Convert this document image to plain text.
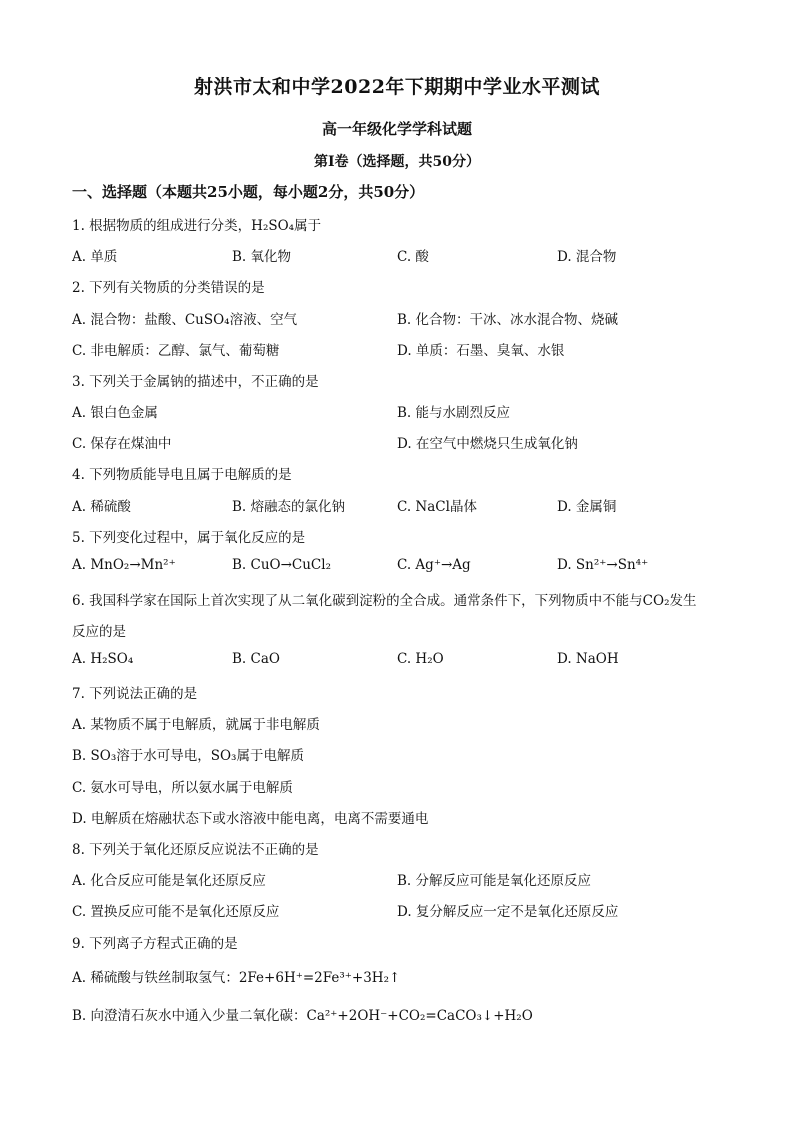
射洪市太和中学2022年下期期中学业水平测试
高一年级化学学科试题
第Ⅰ卷（选择题，共50分）
一、选择题（本题共25小题，每小题2分，共50分）
1. 根据物质的组成进行分类，H₂SO₄属于
A. 单质	B. 氧化物	C. 酸	D. 混合物
2. 下列有关物质的分类错误的是
A. 混合物：盐酸、CuSO₄溶液、空气	B. 化合物：干冰、冰水混合物、烧碱
C. 非电解质：乙醇、氯气、葡萄糖	D. 单质：石墨、臭氧、水银
3. 下列关于金属钠的描述中，不正确的是
A. 银白色金属	B. 能与水剧烈反应
C. 保存在煤油中	D. 在空气中燃烧只生成氧化钠
4. 下列物质能导电且属于电解质的是
A. 稀硫酸	B. 熔融态的氯化钠	C. NaCl晶体	D. 金属铜
5. 下列变化过程中，属于氧化反应的是
A. MnO₂→Mn²⁺	B. CuO→CuCl₂	C. Ag⁺→Ag	D. Sn²⁺→Sn⁴⁺
6. 我国科学家在国际上首次实现了从二氧化碳到淀粉的全合成。通常条件下，下列物质中不能与CO₂发生
反应的是
A. H₂SO₄	B. CaO	C. H₂O	D. NaOH
7. 下列说法正确的是
A. 某物质不属于电解质，就属于非电解质
B. SO₃溶于水可导电，SO₃属于电解质
C. 氨水可导电，所以氨水属于电解质
D. 电解质在熔融状态下或水溶液中能电离，电离不需要通电
8. 下列关于氧化还原反应说法不正确的是
A. 化合反应可能是氧化还原反应	B. 分解反应可能是氧化还原反应
C. 置换反应可能不是氧化还原反应	D. 复分解反应一定不是氧化还原反应
9. 下列离子方程式正确的是
A. 稀硫酸与铁丝制取氢气：2Fe+6H⁺=2Fe³⁺+3H₂↑
B. 向澄清石灰水中通入少量二氧化碳：Ca²⁺+2OH⁻+CO₂=CaCO₃↓+H₂O
